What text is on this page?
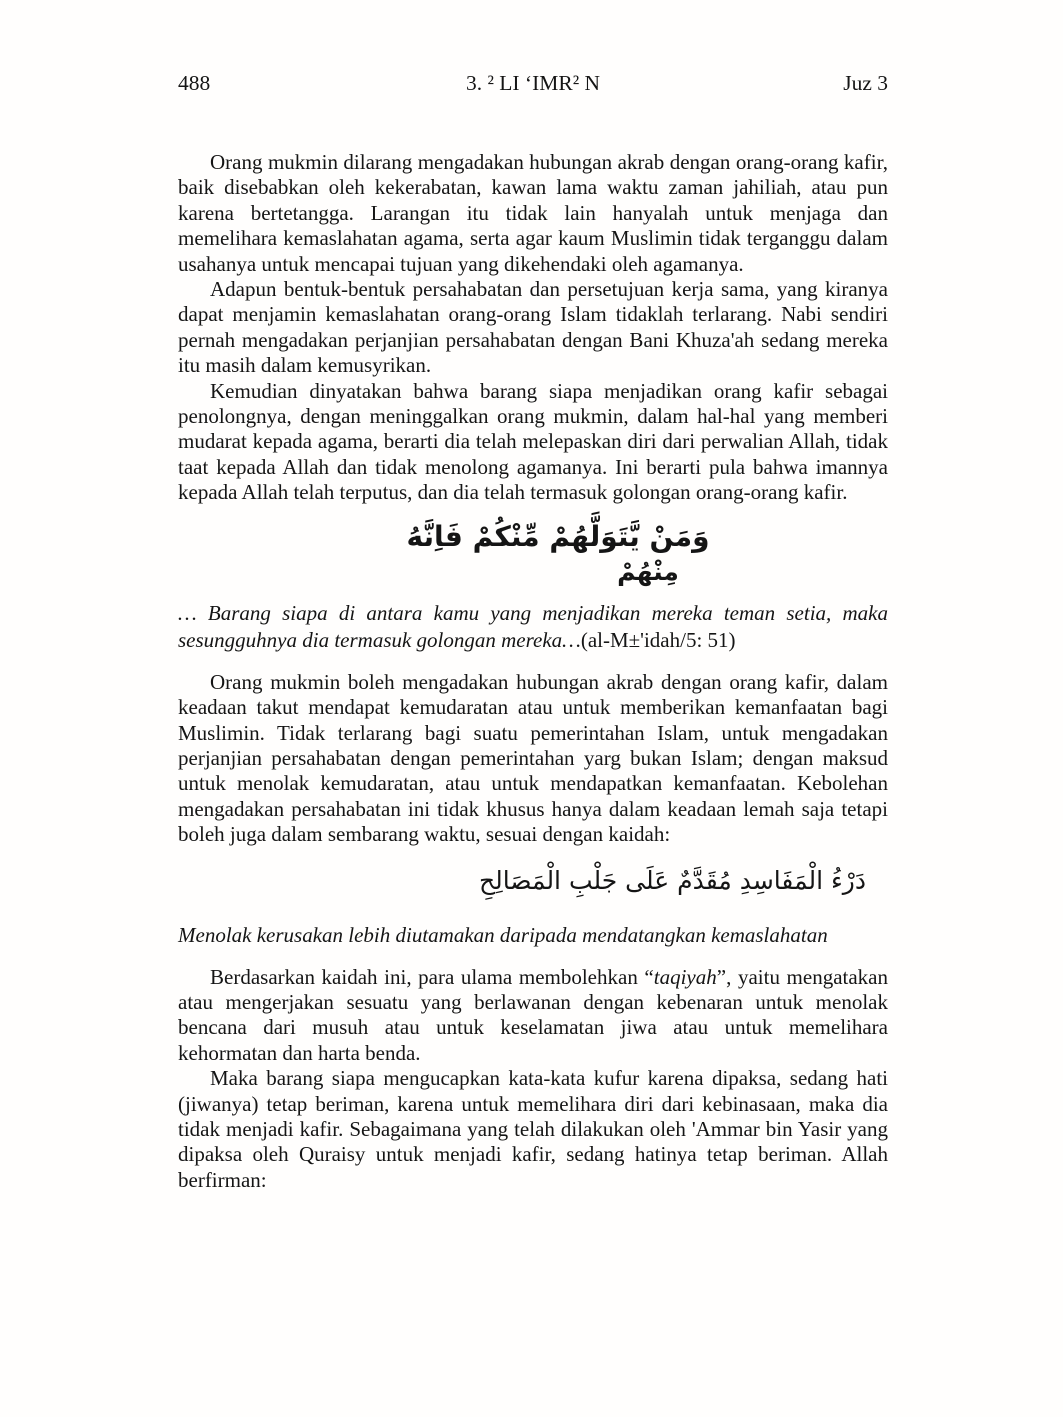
488	3. ² LI ‘IMR² N	Juz 3

Orang mukmin dilarang mengadakan hubungan akrab dengan orang-orang kafir, baik disebabkan oleh kekerabatan, kawan lama waktu zaman jahiliah, atau pun karena bertetangga. Larangan itu tidak lain hanyalah untuk menjaga dan memelihara kemaslahatan agama, serta agar kaum Muslimin tidak terganggu dalam usahanya untuk mencapai tujuan yang dikehendaki oleh agamanya.

Adapun bentuk-bentuk persahabatan dan persetujuan kerja sama, yang kiranya dapat menjamin kemaslahatan orang-orang Islam tidaklah terlarang. Nabi sendiri pernah mengadakan perjanjian persahabatan dengan Bani Khuza'ah sedang mereka itu masih dalam kemusyrikan.

Kemudian dinyatakan bahwa barang siapa menjadikan orang kafir sebagai penolongnya, dengan meninggalkan orang mukmin, dalam hal-hal yang memberi mudarat kepada agama, berarti dia telah melepaskan diri dari perwalian Allah, tidak taat kepada Allah dan tidak menolong agamanya. Ini berarti pula bahwa imannya kepada Allah telah terputus, dan dia telah termasuk golongan orang-orang kafir.

وَمَنْ يَّتَوَلَّهُمْ مِّنْكُمْ فَاِنَّهُ
مِنْهُمْ

… Barang siapa di antara kamu yang menjadikan mereka teman setia, maka sesungguhnya dia termasuk golongan mereka…(al-M±'idah/5: 51)

Orang mukmin boleh mengadakan hubungan akrab dengan orang kafir, dalam keadaan takut mendapat kemudaratan atau untuk memberikan kemanfaatan bagi Muslimin. Tidak terlarang bagi suatu pemerintahan Islam, untuk mengadakan perjanjian persahabatan dengan pemerintahan yarg bukan Islam; dengan maksud untuk menolak kemudaratan, atau untuk mendapatkan kemanfaatan. Kebolehan mengadakan persahabatan ini tidak khusus hanya dalam keadaan lemah saja tetapi boleh juga dalam sembarang waktu, sesuai dengan kaidah:

دَرْءُ الْمَفَاسِدِ مُقَدَّمٌ عَلَى جَلْبِ الْمَصَالِحِ

Menolak kerusakan lebih diutamakan daripada mendatangkan kemaslahatan

Berdasarkan kaidah ini, para ulama membolehkan “taqiyah”, yaitu mengatakan atau mengerjakan sesuatu yang berlawanan dengan kebenaran untuk menolak bencana dari musuh atau untuk keselamatan jiwa atau untuk memelihara kehormatan dan harta benda.

Maka barang siapa mengucapkan kata-kata kufur karena dipaksa, sedang hati (jiwanya) tetap beriman, karena untuk memelihara diri dari kebinasaan, maka dia tidak menjadi kafir. Sebagaimana yang telah dilakukan oleh 'Ammar bin Yasir yang dipaksa oleh Quraisy untuk menjadi kafir, sedang hatinya tetap beriman. Allah berfirman:
